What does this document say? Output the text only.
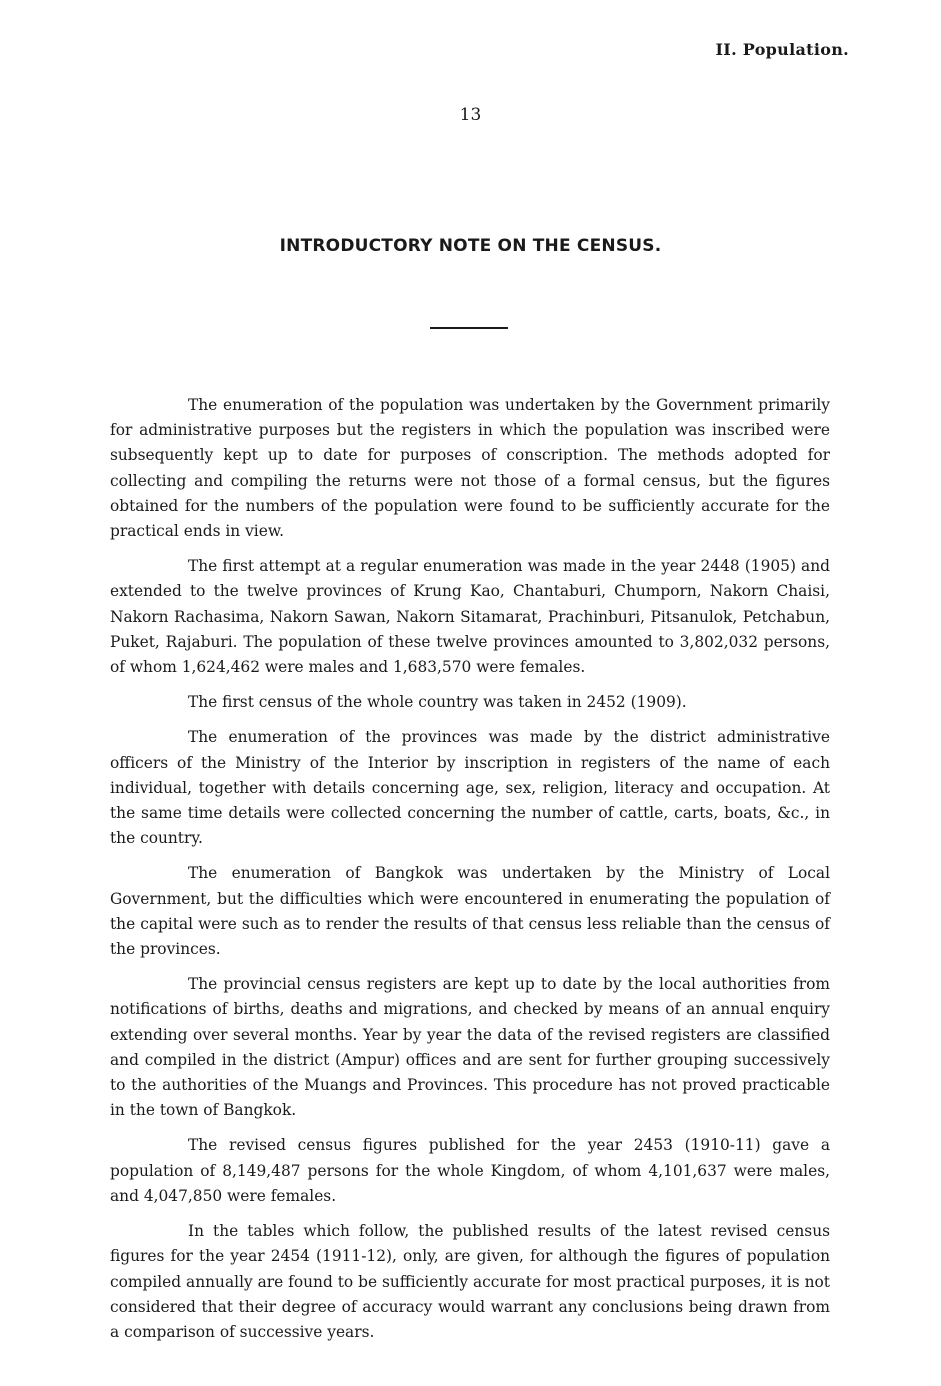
II. Population.
13
INTRODUCTORY NOTE ON THE CENSUS.

The enumeration of the population was undertaken by the Government primarily for administrative purposes but the registers in which the population was inscribed were subsequently kept up to date for purposes of conscription. The methods adopted for collecting and compiling the returns were not those of a formal census, but the figures obtained for the numbers of the population were found to be sufficiently accurate for the practical ends in view.

The first attempt at a regular enumeration was made in the year 2448 (1905) and extended to the twelve provinces of Krung Kao, Chantaburi, Chumporn, Nakorn Chaisi, Nakorn Rachasima, Nakorn Sawan, Nakorn Sitamarat, Prachinburi, Pitsanulok, Petchabun, Puket, Rajaburi. The population of these twelve provinces amounted to 3,802,032 persons, of whom 1,624,462 were males and 1,683,570 were females.

The first census of the whole country was taken in 2452 (1909).

The enumeration of the provinces was made by the district administrative officers of the Ministry of the Interior by inscription in registers of the name of each individual, together with details concerning age, sex, religion, literacy and occupation. At the same time details were collected concerning the number of cattle, carts, boats, &c., in the country.

The enumeration of Bangkok was undertaken by the Ministry of Local Government, but the difficulties which were encountered in enumerating the population of the capital were such as to render the results of that census less reliable than the census of the provinces.

The provincial census registers are kept up to date by the local authorities from notifications of births, deaths and migrations, and checked by means of an annual enquiry extending over several months. Year by year the data of the revised registers are classified and compiled in the district (Ampur) offices and are sent for further grouping successively to the authorities of the Muangs and Provinces. This procedure has not proved practicable in the town of Bangkok.

The revised census figures published for the year 2453 (1910-11) gave a population of 8,149,487 persons for the whole Kingdom, of whom 4,101,637 were males, and 4,047,850 were females.

In the tables which follow, the published results of the latest revised census figures for the year 2454 (1911-12), only, are given, for although the figures of population compiled annually are found to be sufficiently accurate for most practical purposes, it is not considered that their degree of accuracy would warrant any conclusions being drawn from a comparison of successive years.
